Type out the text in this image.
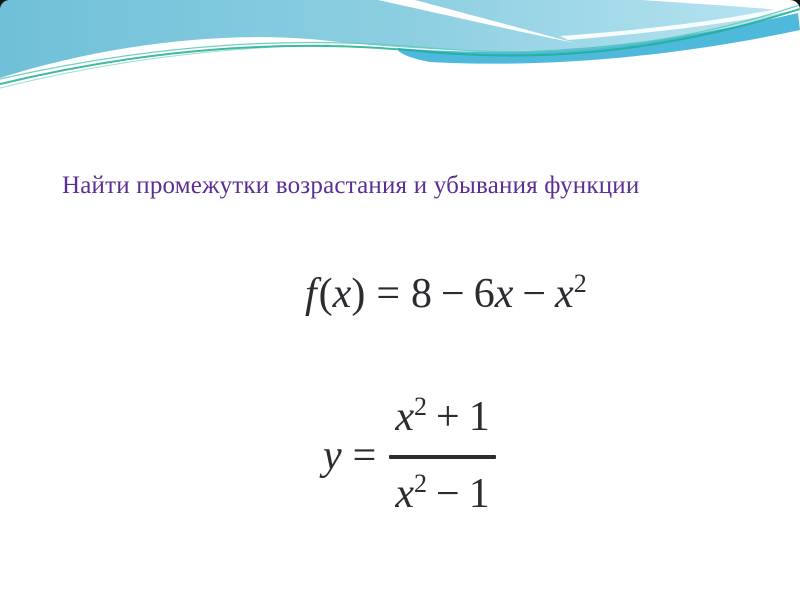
Найти промежутки возрастания и убывания функции
$f(x) = 8 - 6x - x^2$
$y = \frac{x^2 + 1}{x^2 - 1}$
